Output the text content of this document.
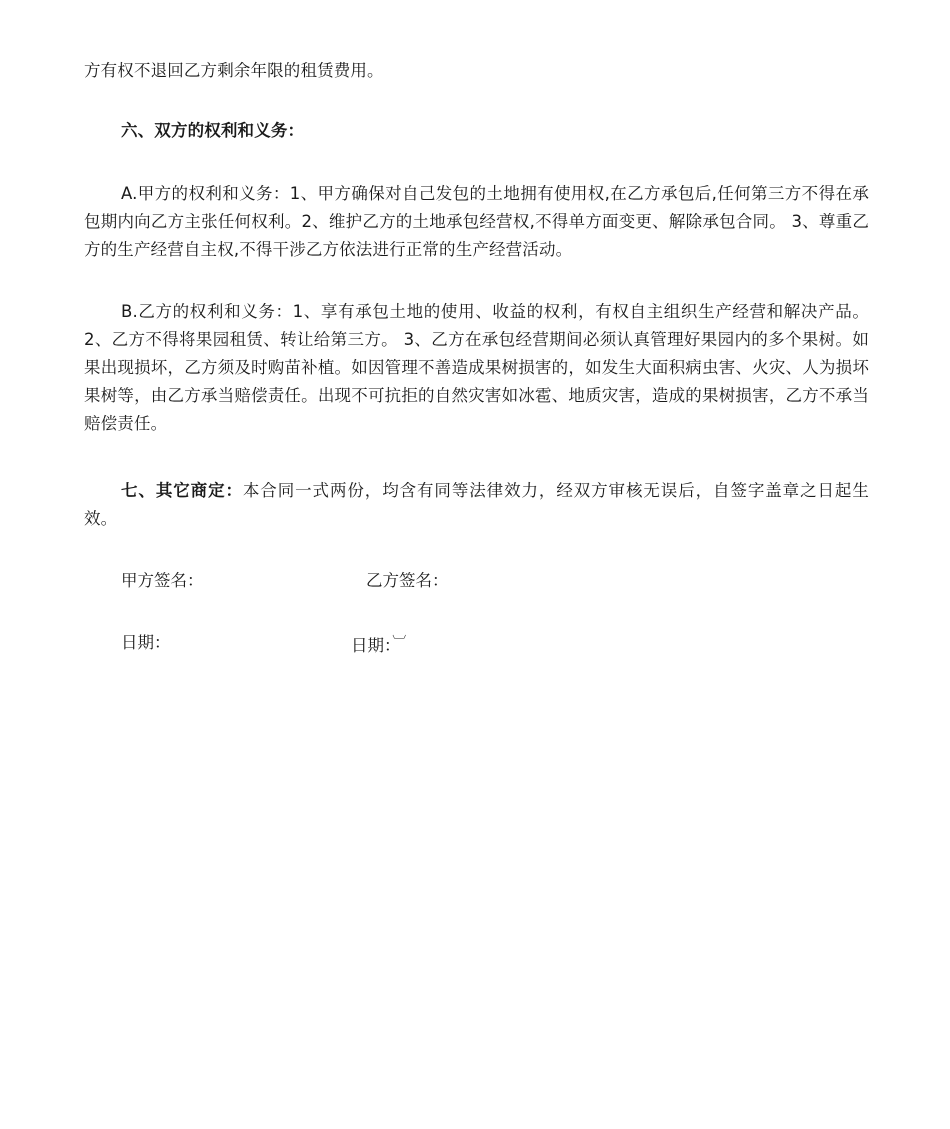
方有权不退回乙方剩余年限的租赁费用。

六、双方的权利和义务：

A.甲方的权利和义务：1、甲方确保对自己发包的土地拥有使用权,在乙方承包后,任何第三方不得在承包期内向乙方主张任何权利。2、维护乙方的土地承包经营权,不得单方面变更、解除承包合同。 3、尊重乙方的生产经营自主权,不得干涉乙方依法进行正常的生产经营活动。

B.乙方的权利和义务：1、享有承包土地的使用、收益的权利，有权自主组织生产经营和解决产品。 2、乙方不得将果园租赁、转让给第三方。 3、乙方在承包经营期间必须认真管理好果园内的多个果树。如果出现损坏，乙方须及时购苗补植。如因管理不善造成果树损害的，如发生大面积病虫害、火灾、人为损坏果树等，由乙方承当赔偿责任。出现不可抗拒的自然灾害如冰雹、地质灾害，造成的果树损害，乙方不承当赔偿责任。

七、其它商定：本合同一式两份，均含有同等法律效力，经双方审核无误后，自签字盖章之日起生效。

甲方签名：	乙方签名：
日期：	日期：︺
